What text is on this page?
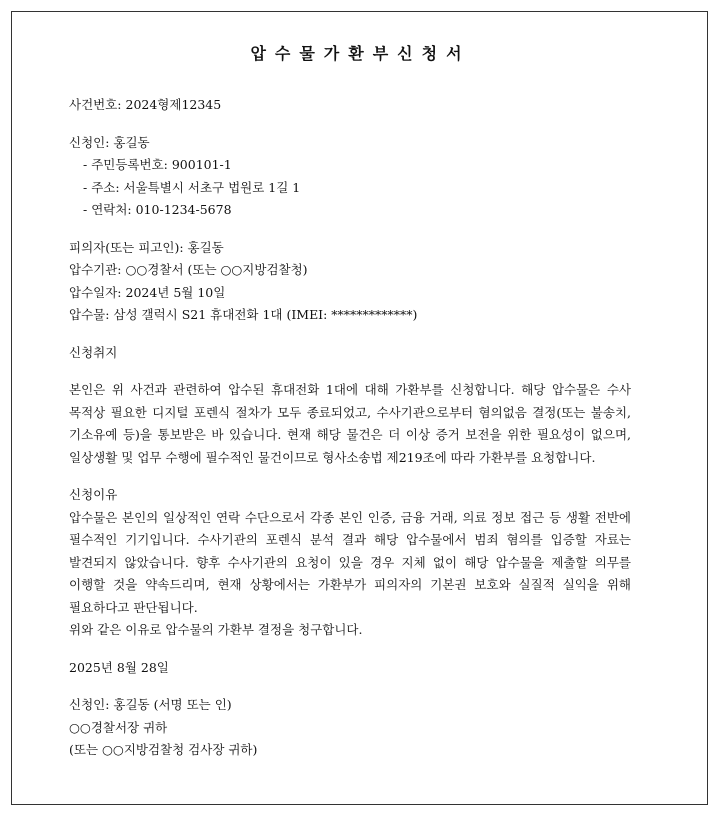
압수물가환부신청서
사건번호: 2024형제12345
신청인: 홍길동
- 주민등록번호: 900101-1
- 주소: 서울특별시 서초구 법원로 1길 1
- 연락처: 010-1234-5678
피의자(또는 피고인): 홍길동
압수기관: ○○경찰서 (또는 ○○지방검찰청)
압수일자: 2024년 5월 10일
압수물: 삼성 갤럭시 S21 휴대전화 1대 (IMEI: *************)
신청취지
본인은 위 사건과 관련하여 압수된 휴대전화 1대에 대해 가환부를 신청합니다. 해당 압수물은 수사 목적상 필요한 디지털 포렌식 절차가 모두 종료되었고, 수사기관으로부터 혐의없음 결정(또는 불송치, 기소유예 등)을 통보받은 바 있습니다. 현재 해당 물건은 더 이상 증거 보전을 위한 필요성이 없으며, 일상생활 및 업무 수행에 필수적인 물건이므로 형사소송법 제219조에 따라 가환부를 요청합니다.
신청이유
압수물은 본인의 일상적인 연락 수단으로서 각종 본인 인증, 금융 거래, 의료 정보 접근 등 생활 전반에 필수적인 기기입니다. 수사기관의 포렌식 분석 결과 해당 압수물에서 범죄 혐의를 입증할 자료는 발견되지 않았습니다. 향후 수사기관의 요청이 있을 경우 지체 없이 해당 압수물을 제출할 의무를 이행할 것을 약속드리며, 현재 상황에서는 가환부가 피의자의 기본권 보호와 실질적 실익을 위해 필요하다고 판단됩니다.
위와 같은 이유로 압수물의 가환부 결정을 청구합니다.
2025년 8월 28일
신청인: 홍길동 (서명 또는 인)
○○경찰서장 귀하
(또는 ○○지방검찰청 검사장 귀하)
